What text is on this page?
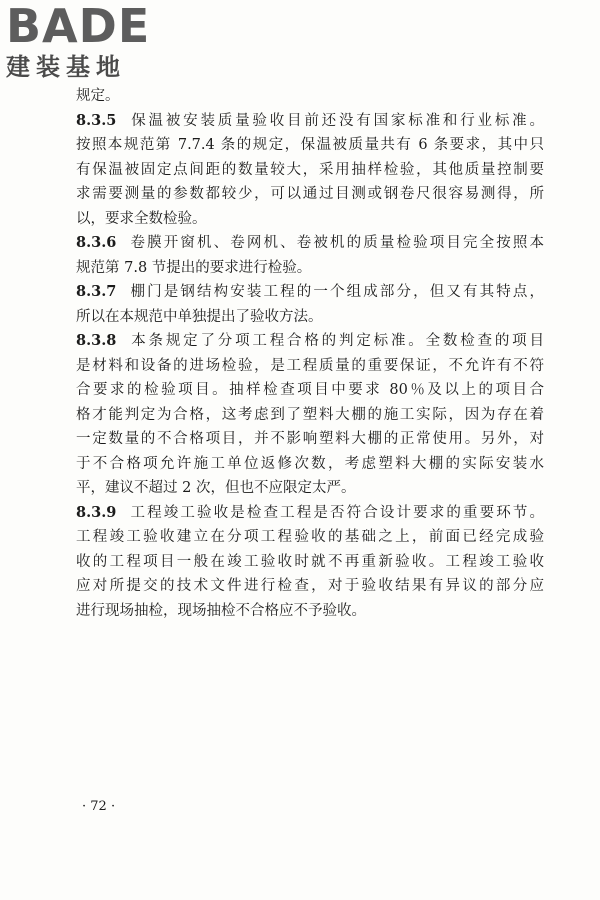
BADE
建装基地
规定。
8.3.5 保温被安装质量验收目前还没有国家标准和行业标准。
按照本规范第 7.7.4 条的规定，保温被质量共有 6 条要求，其中只
有保温被固定点间距的数量较大，采用抽样检验，其他质量控制要
求需要测量的参数都较少，可以通过目测或钢卷尺很容易测得，所
以，要求全数检验。
8.3.6 卷膜开窗机、卷网机、卷被机的质量检验项目完全按照本
规范第 7.8 节提出的要求进行检验。
8.3.7 棚门是钢结构安装工程的一个组成部分，但又有其特点，
所以在本规范中单独提出了验收方法。
8.3.8 本条规定了分项工程合格的判定标准。全数检查的项目
是材料和设备的进场检验，是工程质量的重要保证，不允许有不符
合要求的检验项目。抽样检查项目中要求 80％及以上的项目合
格才能判定为合格，这考虑到了塑料大棚的施工实际，因为存在着
一定数量的不合格项目，并不影响塑料大棚的正常使用。另外，对
于不合格项允许施工单位返修次数，考虑塑料大棚的实际安装水
平，建议不超过 2 次，但也不应限定太严。
8.3.9 工程竣工验收是检查工程是否符合设计要求的重要环节。
工程竣工验收建立在分项工程验收的基础之上，前面已经完成验
收的工程项目一般在竣工验收时就不再重新验收。工程竣工验收
应对所提交的技术文件进行检查，对于验收结果有异议的部分应
进行现场抽检，现场抽检不合格应不予验收。
· 72 ·
